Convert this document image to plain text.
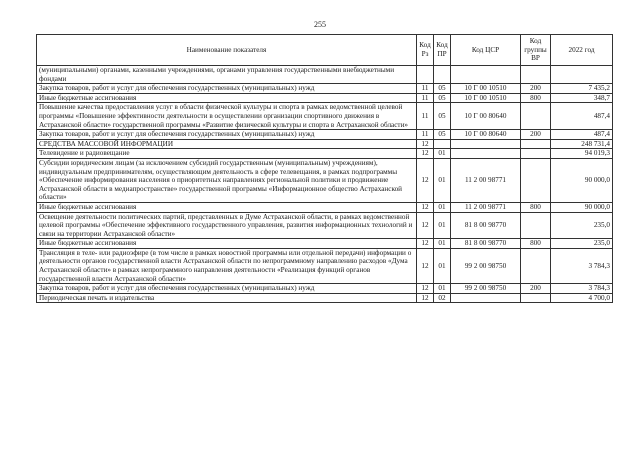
255
Наименование показателя	Код Рз	Код ПР	Код ЦСР	Код группы ВР	2022 год
(муниципальными) органами, казенными учреждениями, органами управления государственными внебюджетными фондами					
Закупка товаров, работ и услуг для обеспечения государственных (муниципальных) нужд	11	05	10 Г 00 10510	200	7 435,2
Иные бюджетные ассигнования	11	05	10 Г 00 10510	800	348,7
Повышение качества предоставления услуг в области физической культуры и спорта в рамках ведомственной целевой программы «Повышение эффективности деятельности в осуществлении организации спортивного движения в Астраханской области» государственной программы «Развитие физической культуры и спорта в Астраханской области»	11	05	10 Г 00 80640		487,4
Закупка товаров, работ и услуг для обеспечения государственных (муниципальных) нужд	11	05	10 Г 00 80640	200	487,4
СРЕДСТВА МАССОВОЙ ИНФОРМАЦИИ	12				248 731,4
Телевидение и радиовещание	12	01			94 019,3
Субсидии юридическим лицам (за исключением субсидий государственным (муниципальным) учреждениям), индивидуальным предпринимателям, осуществляющим деятельность в сфере телевещания, в рамках подпрограммы «Обеспечение информирования населения о приоритетных направлениях региональной политики и продвижение Астраханской области в медиапространстве» государственной программы «Информационное общество Астраханской области»	12	01	11 2 00 98771		90 000,0
Иные бюджетные ассигнования	12	01	11 2 00 98771	800	90 000,0
Освещение деятельности политических партий, представленных в Думе Астраханской области, в рамках ведомственной целевой программы «Обеспечение эффективного государственного управления, развития информационных технологий и связи на территории Астраханской области»	12	01	81 8 00 98770		235,0
Иные бюджетные ассигнования	12	01	81 8 00 98770	800	235,0
Трансляция в теле- или радиоэфире (в том числе в рамках новостной программы или отдельной передачи) информации о деятельности органов государственной власти Астраханской области по непрограммному направлению расходов «Дума Астраханской области» в рамках непрограммного направления деятельности «Реализация функций органов государственной власти Астраханской области»	12	01	99 2 00 98750		3 784,3
Закупка товаров, работ и услуг для обеспечения государственных (муниципальных) нужд	12	01	99 2 00 98750	200	3 784,3
Периодическая печать и издательства	12	02			4 700,0
